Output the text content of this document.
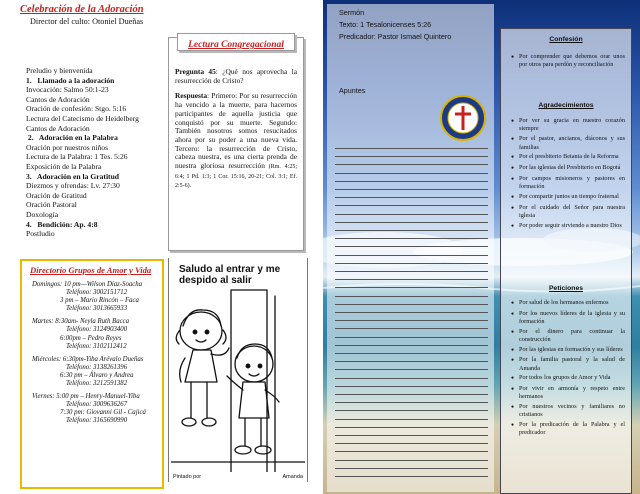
Celebración de la Adoración
Director del culto: Otoniel Dueñas
Preludio y bienvenida
1.   Llamado a la adoración
Invocación: Salmo 50:1-23
Cantos de Adoración
Oración de confesión: Stgo. 5:16
Lectura del Catecismo de Heidelberg
Cantos de Adoración
2.   Adoración en la Palabra
Oración por nuestros niños
Lectura de la Palabra: 1 Tes. 5:26
Exposición de la Palabra
3.   Adoración en la Gratitud
Diezmos y ofrendas: Lv. 27:30
Oración de Gratitud
Oración Pastoral
Doxología
4.   Bendición: Ap. 4:8
Postludio
Lectura Congregacional
Pregunta 45: ¿Qué nos aprovecha la resurrección de Cristo?
Respuesta: Primero: Por su resurrección ha vencido a la muerte, para hacernos participantes de aquella justicia que conquistó por su muerte. Segundo: También nosotros somos resucitados ahora por su poder a una nueva vida. Tercero: la resurrección de Cristo, cabeza nuestra, es una cierta prenda de nuestra gloriosa resurrección (Rm. 4:25; 6:4; 1 Pd. 1:3; 1 Cor. 15:16, 20-21; Col. 3:1; Ef. 2:5-6).
Directorio Grupos de Amor y Vida
Domingos: 10 pm—Wilson Díaz-Soacha
Teléfono: 3002151712
3 pm – Mario Rincón – Faca
Teléfono: 3013665933
Martes: 8:30am- Neyla Ruth Bacca
Teléfono: 3124903400
6:00pm – Pedro Reyes
Teléfono: 3102112412
Miércoles: 6:30pm-Yiba Arévalo Dueñas
Teléfono: 3138261396
6:30 pm – Álvaro y Andrea
Teléfono: 3212591382
Viernes: 5:00 pm – Henry-Manuel-Yiba
Teléfono: 3009636267
7:30 pm: Giovanni Gil - Cajicá
Teléfono: 3165690990
Saludo al entrar y me despido al salir
Pintado por	Amanda
Sermón
Texto: 1 Tesalonicenses 5:26
Predicador: Pastor Ismael Quintero
Apuntes
Confesión
● Por comprender que debemos orar unos por otros para perdón y reconciliación
Agradecimientos
● Por ver su gracia en nuestro corazón siempre
● Por el pastor, ancianos, diáconos y sus familias
● Por el presbiterio Betania de la Reforma
● Por las iglesias del Presbiterio en Bogotá
● Por campos misioneros y pastores en formación
● Por compartir juntos un tiempo fraternal
● Por el cuidado del Señor para nuestra iglesia
● Por poder seguir sirviendo a nuestro Dios
Peticiones
● Por salud de los hermanos enfermos
● Por los nuevos líderes de la iglesia y su formación
● Por el dinero para continuar la construcción
● Por las iglesias en formación y sus líderes
● Por la familia pastoral y la salud de Amanda
● Por todos los grupos de Amor y Vida
● Por vivir en armonía y respeto entre hermanos
● Por nuestros vecinos y familiares no cristianos
● Por la predicación de la Palabra y el predicador
